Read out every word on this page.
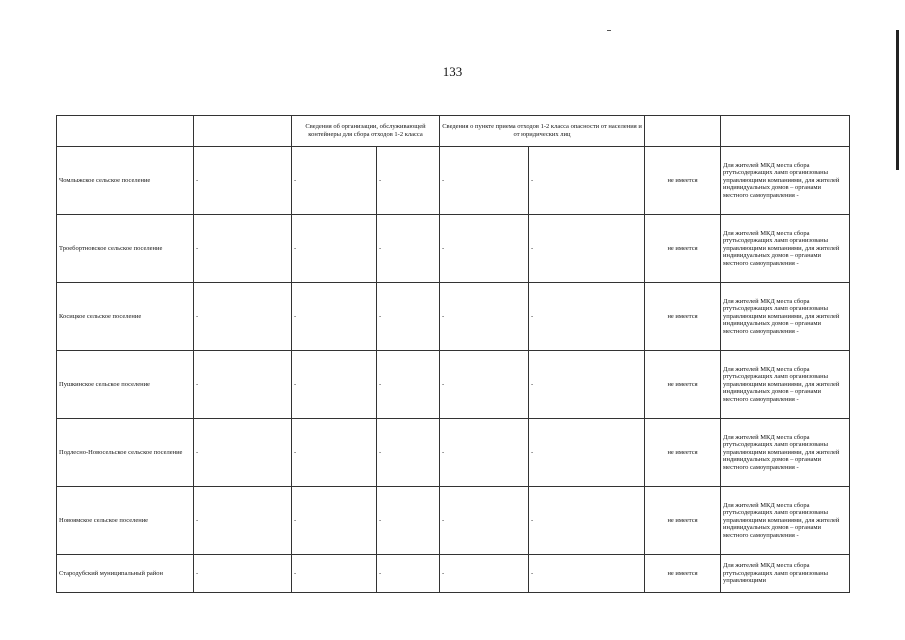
133
		Сведения об организации, обслуживающей контейнеры для сбора отходов 1-2 класса		Сведения о пункте приема отходов 1-2 класса опасности от населения и от юридических лиц			
Чомлыжское сельское поселение	-	-	-	-	-	не имеется	Для жителей МКД места сбора ртутьсодержащих ламп организованы управляющими компаниями, для жителей индивидуальных домов – органами местного самоуправления -
Троебортновское сельское поселение	-	-	-	-	-	не имеется	Для жителей МКД места сбора ртутьсодержащих ламп организованы управляющими компаниями, для жителей индивидуальных домов – органами местного самоуправления -
Косицкое сельское поселение	-	-	-	-	-	не имеется	Для жителей МКД места сбора ртутьсодержащих ламп организованы управляющими компаниями, для жителей индивидуальных домов – органами местного самоуправления -
Пушкинское сельское поселение	-	-	-	-	-	не имеется	Для жителей МКД места сбора ртутьсодержащих ламп организованы управляющими компаниями, для жителей индивидуальных домов – органами местного самоуправления -
Подлесно-Новосельское сельское поселение	-	-	-	-	-	не имеется	Для жителей МКД места сбора ртутьсодержащих ламп организованы управляющими компаниями, для жителей индивидуальных домов – органами местного самоуправления -
Новоямское сельское поселение	-	-	-	-	-	не имеется	Для жителей МКД места сбора ртутьсодержащих ламп организованы управляющими компаниями, для жителей индивидуальных домов – органами местного самоуправления -
Стародубский муниципальный район	-	-	-	-	-	не имеется	Для жителей МКД места сбора ртутьсодержащих ламп организованы управляющими
